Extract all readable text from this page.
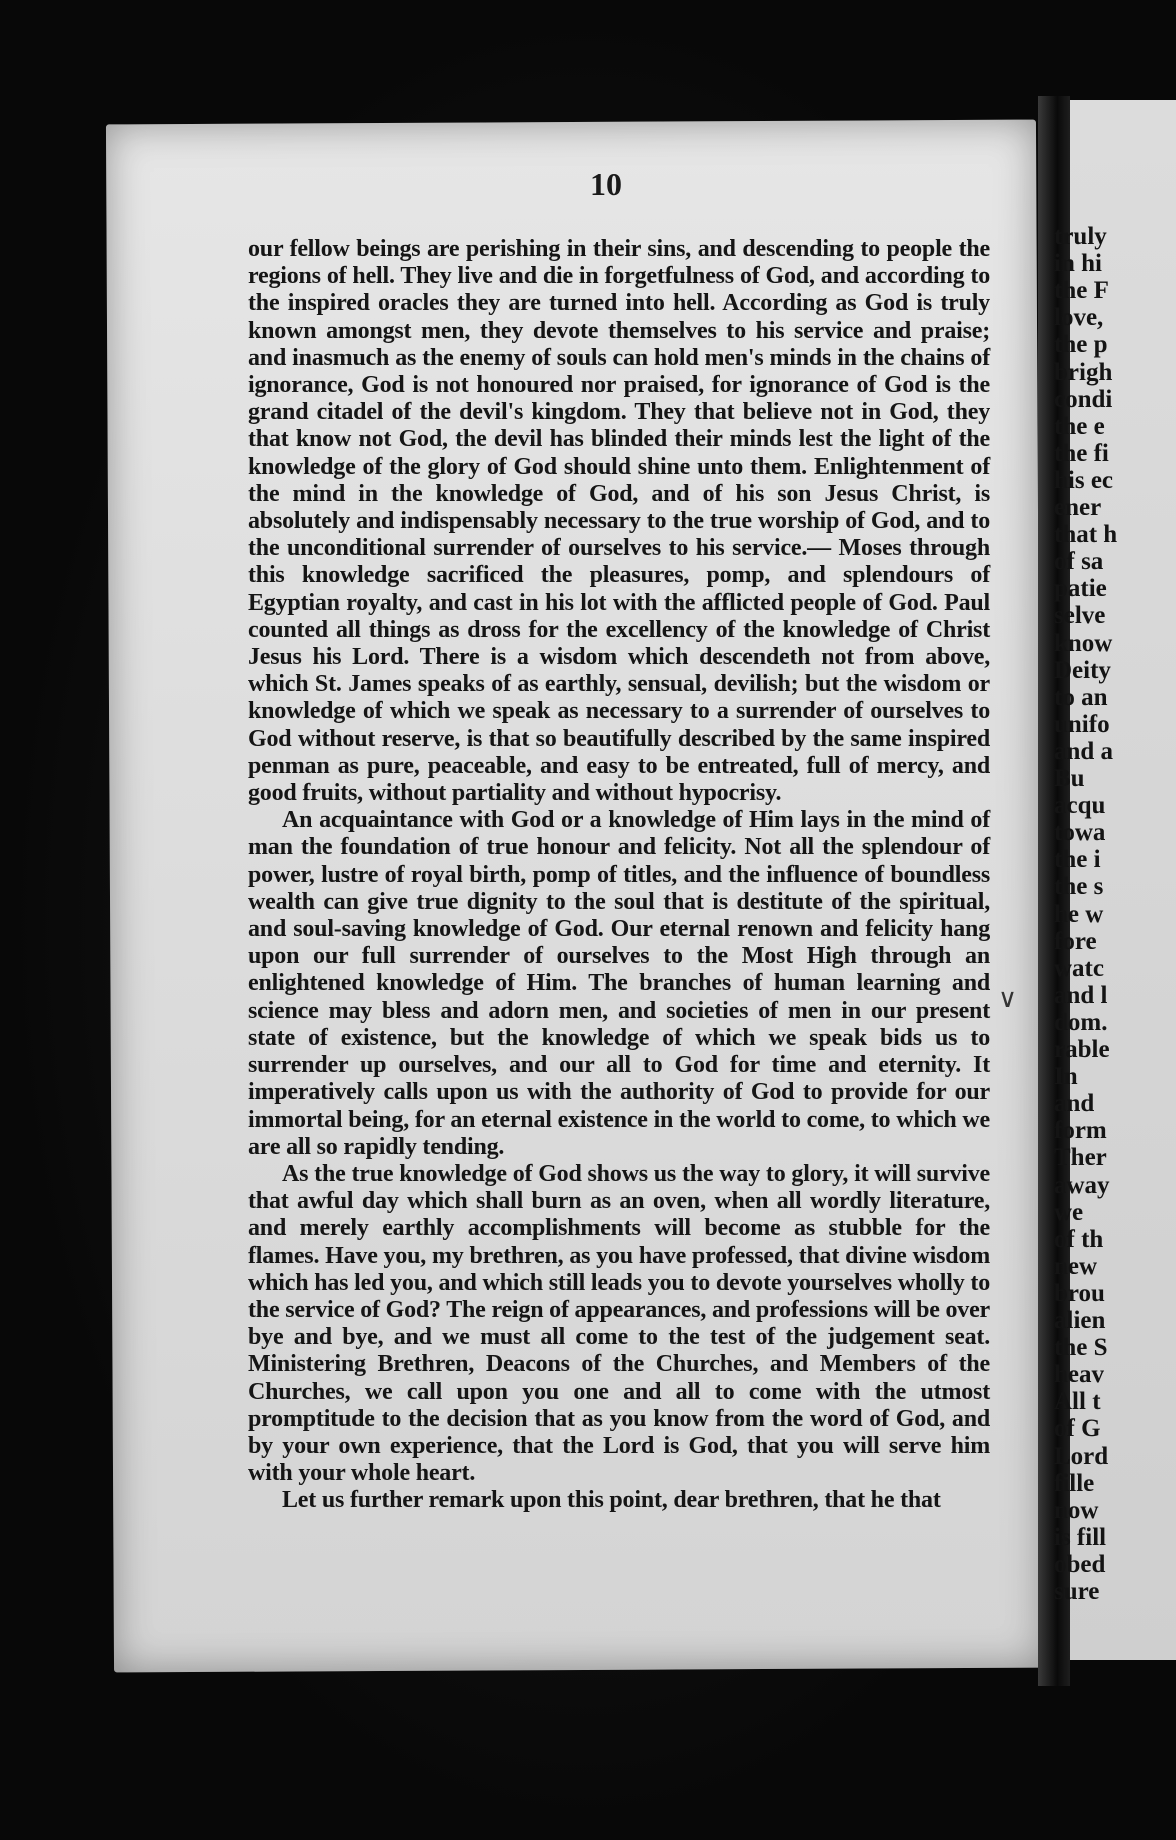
truly
in hi
the F
love,
the p
brigh
condi
the e
the fi
his ec
ener
that h
of sa
patie
selve
know
Deity
to an
unifo
and a
Bu
acqu
towa
the i
the s
he w
fore
watc
and l
dom.
rable
In
and
form
Ther
away
we
of th
new
brou
alien
the S
heav
All t
of G
Lord
fille
now
is fill
obed
sure
10

our fellow beings are perishing in their sins, and descending to people the regions of hell. They live and die in forgetfulness of God, and according to the inspired oracles they are turned into hell. According as God is truly known amongst men, they devote themselves to his service and praise; and inasmuch as the enemy of souls can hold men's minds in the chains of ignorance, God is not honoured nor praised, for ignorance of God is the grand citadel of the devil's kingdom. They that believe not in God, they that know not God, the devil has blinded their minds lest the light of the knowledge of the glory of God should shine unto them. Enlightenment of the mind in the knowledge of God, and of his son Jesus Christ, is absolutely and indispensably necessary to the true worship of God, and to the unconditional surrender of ourselves to his service.— Moses through this knowledge sacrificed the pleasures, pomp, and splendours of Egyptian royalty, and cast in his lot with the afflicted people of God. Paul counted all things as dross for the excellency of the knowledge of Christ Jesus his Lord. There is a wisdom which descendeth not from above, which St. James speaks of as earthly, sensual, devilish; but the wisdom or knowledge of which we speak as necessary to a surrender of ourselves to God without reserve, is that so beautifully described by the same inspired penman as pure, peaceable, and easy to be entreated, full of mercy, and good fruits, without partiality and without hypocrisy.

An acquaintance with God or a knowledge of Him lays in the mind of man the foundation of true honour and felicity. Not all the splendour of power, lustre of royal birth, pomp of titles, and the influence of boundless wealth can give true dignity to the soul that is destitute of the spiritual, and soul-saving knowledge of God. Our eternal renown and felicity hang upon our full surrender of ourselves to the Most High through an enlightened knowledge of Him. The branches of human learning and science may bless and adorn men, and societies of men in our present state of existence, but the knowledge of which we speak bids us to surrender up ourselves, and our all to God for time and eternity. It imperatively calls upon us with the authority of God to provide for our immortal being, for an eternal existence in the world to come, to which we are all so rapidly tending.

As the true knowledge of God shows us the way to glory, it will survive that awful day which shall burn as an oven, when all wordly literature, and merely earthly accomplishments will become as stubble for the flames. Have you, my brethren, as you have professed, that divine wisdom which has led you, and which still leads you to devote yourselves wholly to the service of God? The reign of appearances, and professions will be over bye and bye, and we must all come to the test of the judgement seat. Ministering Brethren, Deacons of the Churches, and Members of the Churches, we call upon you one and all to come with the utmost promptitude to the decision that as you know from the word of God, and by your own experience, that the Lord is God, that you will serve him with your whole heart.

Let us further remark upon this point, dear brethren, that he that

∨
